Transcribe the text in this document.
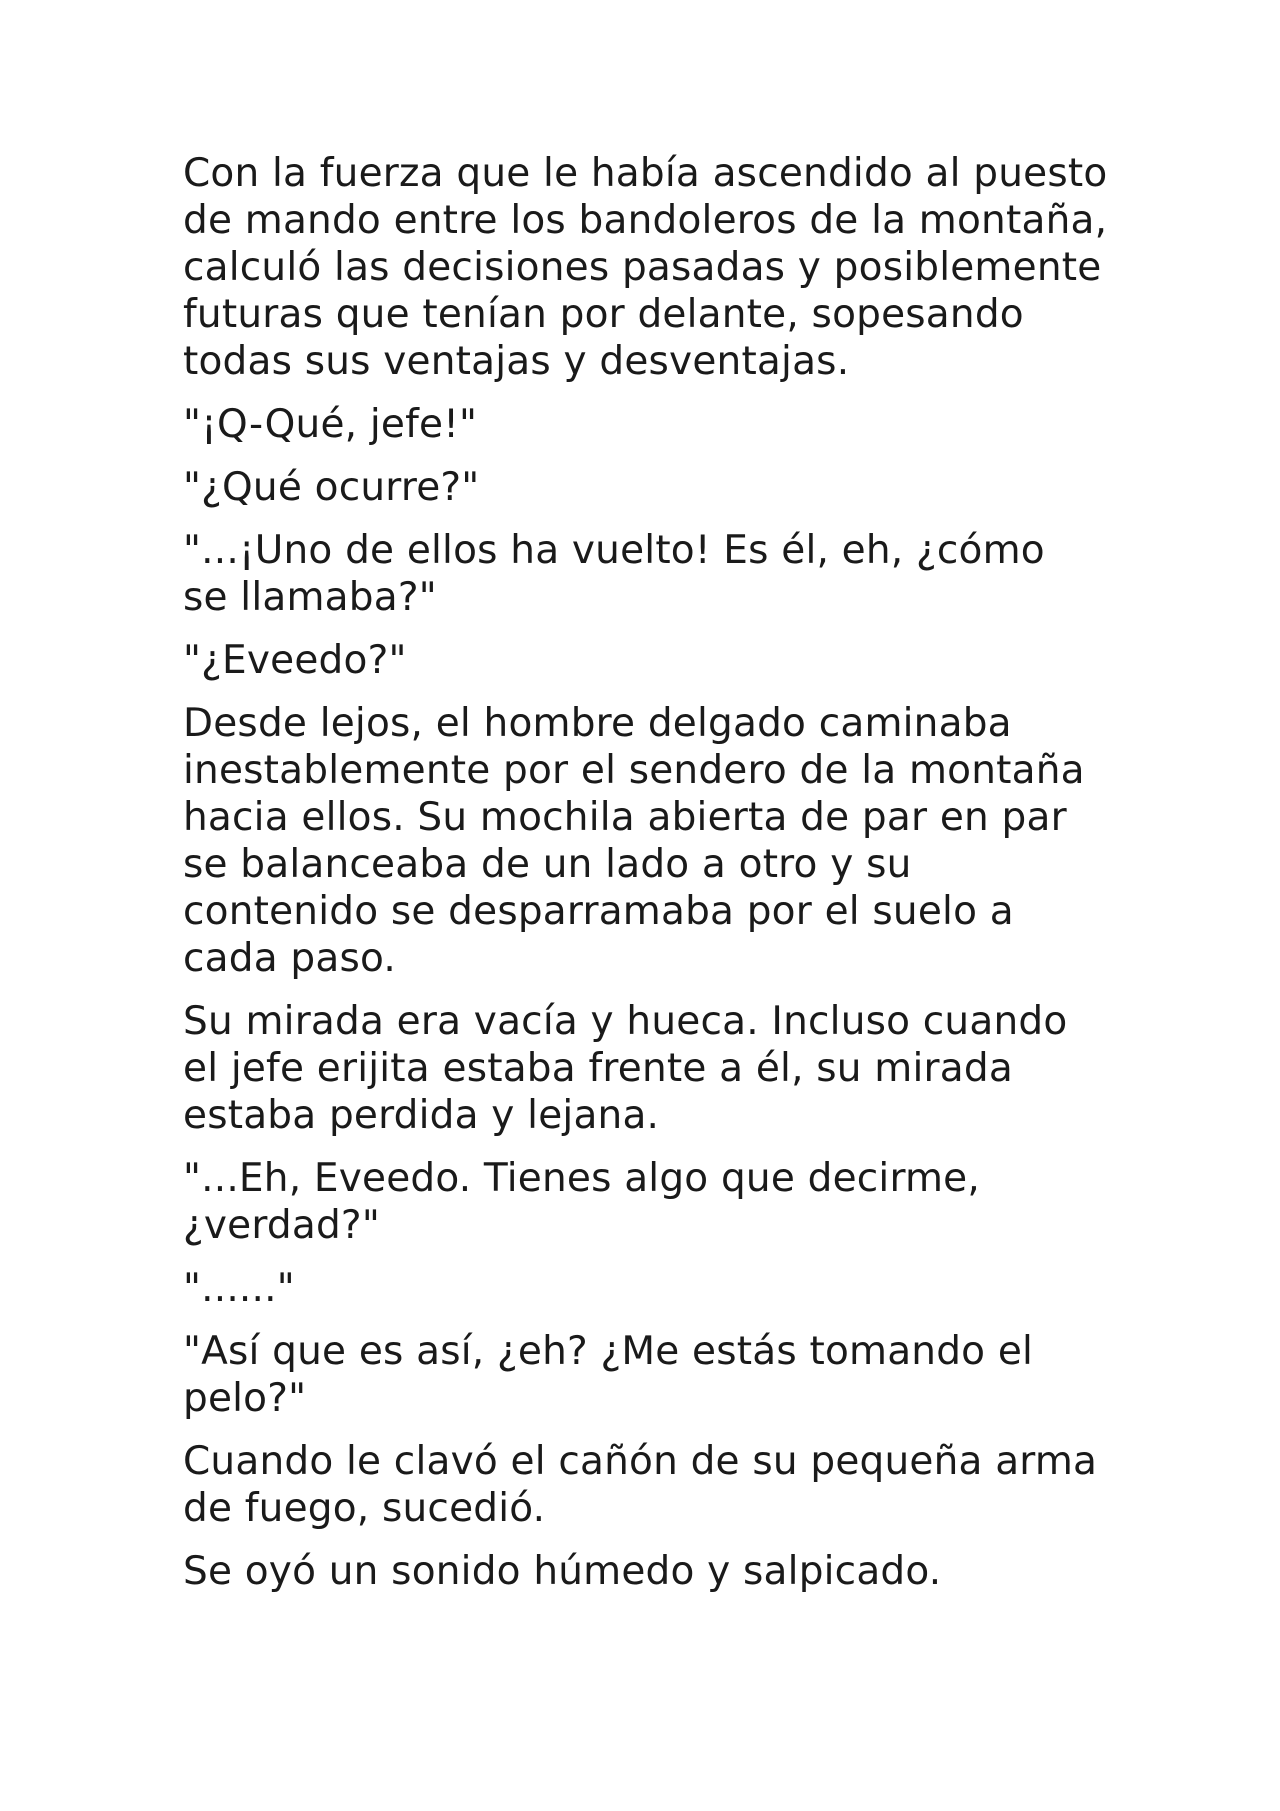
Con la fuerza que le había ascendido al puesto
de mando entre los bandoleros de la montaña,
calculó las decisiones pasadas y posiblemente
futuras que tenían por delante, sopesando
todas sus ventajas y desventajas.

"¡Q-Qué, jefe!"

"¿Qué ocurre?"

"...¡Uno de ellos ha vuelto! Es él, eh, ¿cómo
se llamaba?"

"¿Eveedo?"

Desde lejos, el hombre delgado caminaba
inestablemente por el sendero de la montaña
hacia ellos. Su mochila abierta de par en par
se balanceaba de un lado a otro y su
contenido se desparramaba por el suelo a
cada paso.

Su mirada era vacía y hueca. Incluso cuando
el jefe erijita estaba frente a él, su mirada
estaba perdida y lejana.

"...Eh, Eveedo. Tienes algo que decirme,
¿verdad?"

"......"

"Así que es así, ¿eh? ¿Me estás tomando el
pelo?"

Cuando le clavó el cañón de su pequeña arma
de fuego, sucedió.

Se oyó un sonido húmedo y salpicado.
